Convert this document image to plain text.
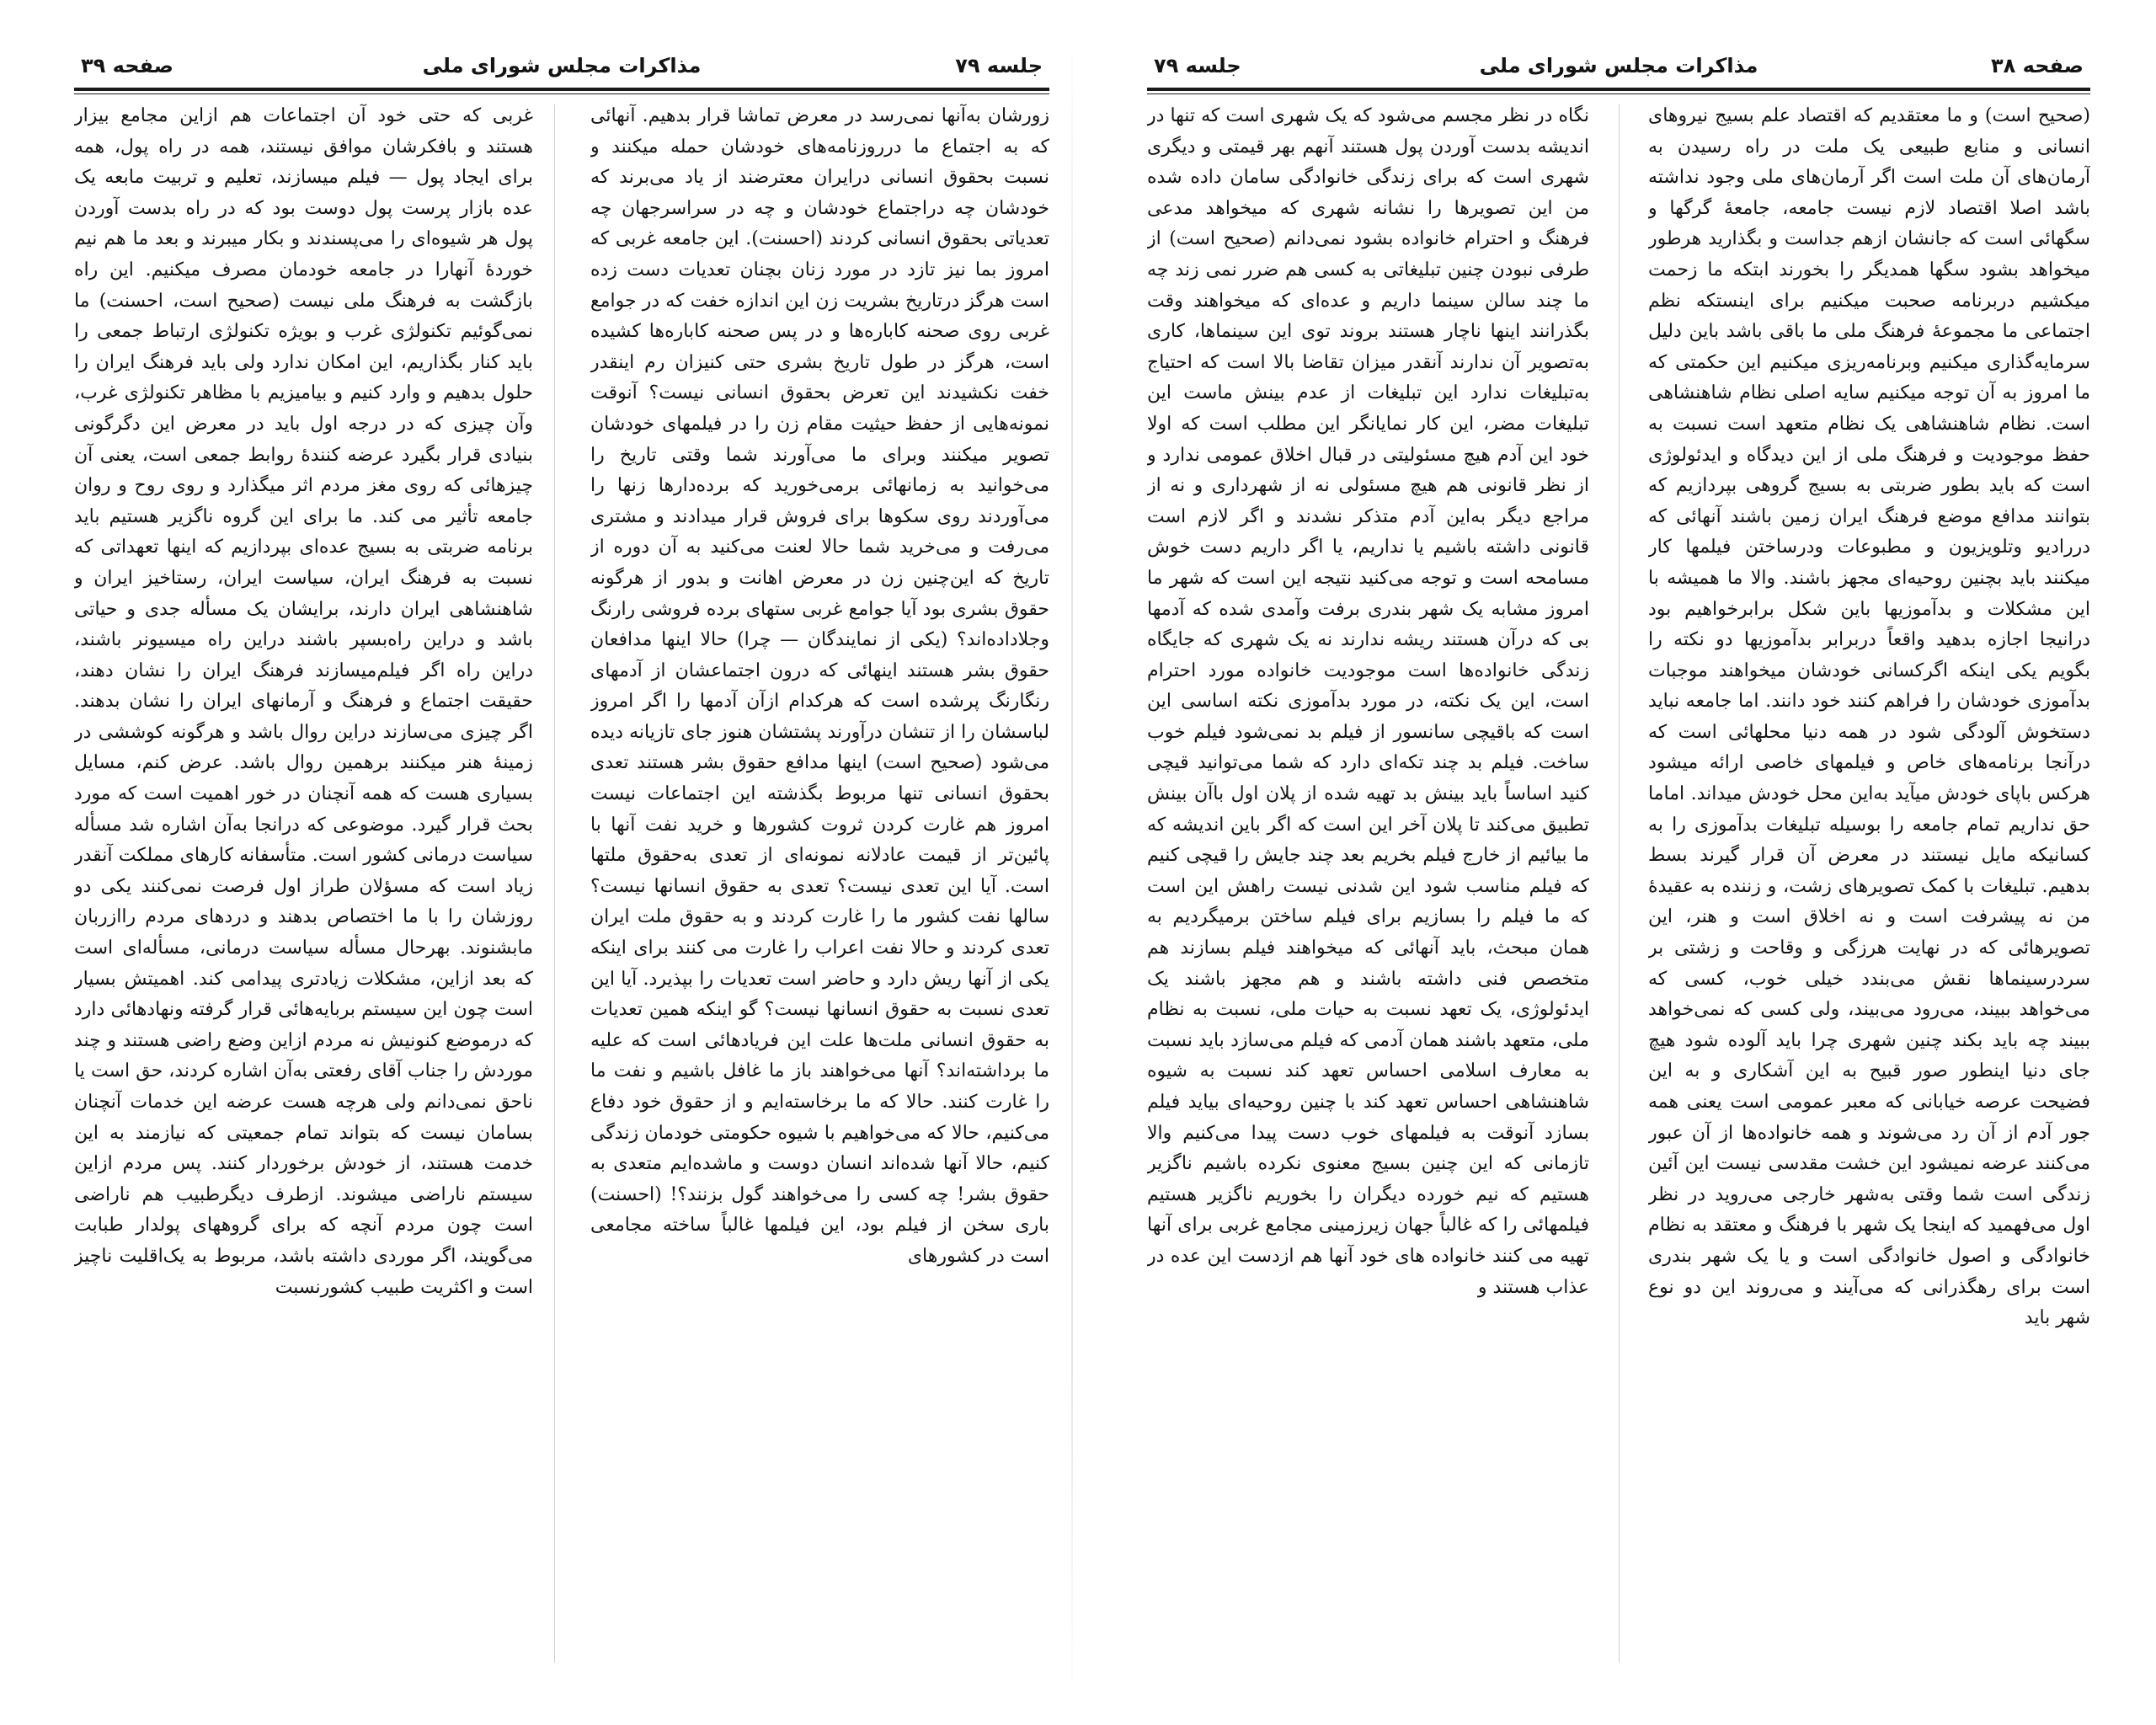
جلسه ۷۹
مذاکرات مجلس شورای ملی
صفحه ۳۹

زورشان به‌آنها نمی‌رسد در معرض تماشا قرار بدهیم. آنهائی که به اجتماع ما درروزنامه‌های خودشان حمله میکنند و نسبت بحقوق انسانی درایران معترضند از یاد می‌برند که خودشان چه دراجتماع خودشان و چه در سراسرجهان چه تعدیاتی بحقوق انسانی کردند (احسنت). این جامعه غربی که امروز بما نیز تازد در مورد زنان بچنان تعدیات دست زده است هرگز درتاریخ بشریت زن این اندازه خفت که در جوامع غربی روی صحنه کاباره‌ها و در پس صحنه کاباره‌ها کشیده است، هرگز در طول تاریخ بشری حتی کنیزان رم اینقدر خفت نکشیدند این تعرض بحقوق انسانی نیست؟ آنوقت نمونه‌هایی از حفظ حیثیت مقام زن را در فیلمهای خودشان تصویر میکنند وبرای ما می‌آورند شما وقتی تاریخ را می‌خوانید به زمانهائی برمی‌خورید که برده‌دارها زنها را می‌آوردند روی سکوها برای فروش قرار میدادند و مشتری می‌رفت و می‌خرید شما حالا لعنت می‌کنید به آن دوره از تاریخ که این‌چنین زن در معرض اهانت و بدور از هرگونه حقوق بشری بود آیا جوامع غربی ستهای برده فروشی رارنگ وجلاداده‌اند؟ (یکی از نمایندگان — چرا) حالا اینها مدافعان حقوق بشر هستند اینهائی که درون اجتماعشان از آدمهای رنگارنگ پرشده است که هرکدام ازآن آدمها را اگر امروز لباسشان را از تنشان درآورند پشتشان هنوز جای تازیانه دیده می‌شود (صحیح است) اینها مدافع حقوق بشر هستند تعدی بحقوق انسانی تنها مربوط بگذشته این اجتماعات نیست امروز هم غارت کردن ثروت کشورها و خرید نفت آنها با پائین‌تر از قیمت عادلانه نمونه‌ای از تعدی به‌حقوق ملتها است. آیا این تعدی نیست؟ تعدی به حقوق انسانها نیست؟ سالها نفت کشور ما را غارت کردند و به حقوق ملت ایران تعدی کردند و حالا نفت اعراب را غارت می کنند برای اینکه یکی از آنها ریش دارد و حاضر است تعدیات را بپذیرد. آیا این تعدی نسبت به حقوق انسانها نیست؟ گو اینکه همین تعدیات به حقوق انسانی ملت‌ها علت این فریادهائی است که علیه ما برداشته‌اند؟ آنها می‌خواهند باز ما غافل باشیم و نفت ما را غارت کنند. حالا که ما برخاسته‌ایم و از حقوق خود دفاع می‌کنیم، حالا که می‌خواهیم با شیوه حکومتی خودمان زندگی کنیم، حالا آنها شده‌اند انسان دوست و ماشده‌ایم متعدی به حقوق بشر! چه کسی را می‌خواهند گول بزنند؟! (احسنت) باری سخن از فیلم بود، این فیلمها غالباً ساخته مجامعی است در کشورهای

غربی که حتی خود آن اجتماعات هم ازاین مجامع بیزار هستند و بافکرشان موافق نیستند، همه در راه پول، همه برای ایجاد پول — فیلم میسازند، تعلیم و تربیت مابعه یک عده بازار پرست پول دوست بود که در راه بدست آوردن پول هر شیوه‌ای را می‌پسندند و بکار میبرند و بعد ما هم نیم خوردهٔ آنهارا در جامعه خودمان مصرف میکنیم. این راه بازگشت به فرهنگ ملی نیست (صحیح است، احسنت) ما نمی‌گوئیم تکنولژی غرب و بویژه تکنولژی ارتباط جمعی را باید کنار بگذاریم، این امکان ندارد ولی باید فرهنگ ایران را حلول بدهیم و وارد کنیم و بیامیزیم با مظاهر تکنولژی غرب، وآن چیزی که در درجه اول باید در معرض این دگرگونی بنیادی قرار بگیرد عرضه کنندهٔ روابط جمعی است، یعنی آن چیزهائی که روی مغز مردم اثر میگذارد و روی روح و روان جامعه تأثیر می کند. ما برای این گروه ناگزیر هستیم باید برنامه ضربتی به بسیج عده‌ای بپردازیم که اینها تعهداتی که نسبت به فرهنگ ایران، سیاست ایران، رستاخیز ایران و شاهنشاهی ایران دارند، برایشان یک مسأله جدی و حیاتی باشد و دراین راه‌بسپر باشند دراین راه میسیونر باشند، دراین راه اگر فیلم‌میسازند فرهنگ ایران را نشان دهند، حقیقت اجتماع و فرهنگ و آرمانهای ایران را نشان بدهند. اگر چیزی می‌سازند دراین روال باشد و هرگونه کوششی در زمینهٔ هنر میکنند برهمین روال باشد. عرض کنم، مسایل بسیاری هست که همه آنچنان در خور اهمیت است که مورد بحث قرار گیرد. موضوعی که درانجا به‌آن اشاره شد مسأله سیاست درمانی کشور است. متأسفانه کارهای مملکت آنقدر زیاد است که مسؤلان طراز اول فرصت نمی‌کنند یکی دو روزشان را با ما اختصاص بدهند و دردهای مردم راازربان مابشنوند. بهرحال مسأله سیاست درمانی، مسأله‌ای است که بعد ازاین، مشکلات زیادتری پیدامی کند. اهمیتش بسیار است چون این سیستم بربایه‌هائی قرار گرفته ونهادهائی دارد که درموضع کنونیش نه مردم ازاین وضع راضی هستند و چند موردش را جناب آقای رفعتی به‌آن اشاره کردند، حق است یا ناحق نمی‌دانم ولی هرچه هست عرضه این خدمات آنچنان بسامان نیست که بتواند تمام جمعیتی که نیازمند به این خدمت هستند، از خودش برخوردار کنند. پس مردم ازاین سیستم ناراضی میشوند. ازطرف دیگرطبیب هم ناراضی است چون مردم آنچه که برای گروههای پولدار طبابت می‌گویند، اگر موردی داشته باشد، مربوط به یک‌اقلیت ناچیز است و اکثریت طبیب کشورنسبت

صفحه ۳۸
مذاکرات مجلس شورای ملی
جلسه ۷۹

(صحیح است) و ما معتقدیم که اقتصاد علم بسیج نیروهای انسانی و منابع طبیعی یک ملت در راه رسیدن به آرمان‌های آن ملت است اگر آرمان‌های ملی وجود نداشته باشد اصلا اقتصاد لازم نیست جامعه، جامعهٔ گرگها و سگهائی است که جانشان ازهم جداست و بگذارید هرطور میخواهد بشود سگها همدیگر را بخورند ابتکه ما زحمت میکشیم دربرنامه صحبت میکنیم برای اینستکه نظم اجتماعی ما مجموعهٔ فرهنگ ملی ما باقی باشد باین دلیل سرمایه‌گذاری میکنیم وبرنامه‌ریزی میکنیم این حکمتی که ما امروز به آن توجه میکنیم سایه اصلی نظام شاهنشاهی است. نظام شاهنشاهی یک نظام متعهد است نسبت به حفظ موجودیت و فرهنگ ملی از این دیدگاه و ایدئولوژی است که باید بطور ضربتی به بسیج گروهی بپردازیم که بتوانند مدافع موضع فرهنگ ایران زمین باشند آنهائی که دررادیو وتلویزیون و مطبوعات ودرساختن فیلمها کار میکنند باید بچنین روحیه‌ای مجهز باشند. والا ما همیشه با این مشکلات و بدآموزیها باین شکل برابرخواهیم بود درانیجا اجازه بدهید واقعاً دربرابر بدآموزیها دو نکته را بگویم یکی اینکه اگرکسانی خودشان میخواهند موجبات بدآموزی خودشان را فراهم کنند خود دانند. اما جامعه نباید دستخوش آلودگی شود در همه دنیا محلهائی است که درآنجا برنامه‌های خاص و فیلمهای خاصی ارائه میشود هرکس باپای خودش میآید به‌این محل خودش میداند. اماما حق نداریم تمام جامعه را بوسیله تبلیغات بدآموزی را به کسانیکه مایل نیستند در معرض آن قرار گیرند بسط بدهیم. تبلیغات با کمک تصویرهای زشت، و زننده به عقیدهٔ من نه پیشرفت است و نه اخلاق است و هنر، این تصویرهائی که در نهایت هرزگی و وقاحت و زشتی بر سردرسینماها نقش می‌بندد خیلی خوب، کسی که می‌خواهد ببیند، می‌رود می‌بیند، ولی کسی که نمی‌خواهد ببیند چه باید بکند چنین شهری چرا باید آلوده شود هیچ جای دنیا اینطور صور قبیح به این آشکاری و به این فضیحت عرصه خیابانی که معبر عمومی است یعنی همه جور آدم از آن رد می‌شوند و همه خانواده‌ها از آن عبور می‌کنند عرضه نمیشود این خشت مقدسی نیست این آئین زندگی است شما وقتی به‌شهر خارجی می‌روید در نظر اول می‌فهمید که اینجا یک شهر با فرهنگ و معتقد به نظام خانوادگی و اصول خانوادگی است و یا یک شهر بندری است برای رهگذرانی که می‌آیند و می‌روند این دو نوع شهر باید

نگاه در نظر مجسم می‌شود که یک شهری است که تنها در اندیشه بدست آوردن پول هستند آنهم بهر قیمتی و دیگری شهری است که برای زندگی خانوادگی سامان داده شده من این تصویرها را نشانه شهری که میخواهد مدعی فرهنگ و احترام خانواده بشود نمی‌دانم (صحیح است) از طرفی نبودن چنین تبلیغاتی به کسی هم ضرر نمی زند چه ما چند سالن سینما داریم و عده‌ای که میخواهند وقت بگذرانند اینها ناچار هستند بروند توی این سینماها، کاری به‌تصویر آن ندارند آنقدر میزان تقاضا بالا است که احتیاج به‌تبلیغات ندارد این تبلیغات از عدم بینش ماست این تبلیغات مضر، این کار نمایانگر این مطلب است که اولا خود این آدم هیچ مسئولیتی در قبال اخلاق عمومی ندارد و از نظر قانونی هم هیچ مسئولی نه از شهرداری و نه از مراجع دیگر به‌این آدم متذکر نشدند و اگر لازم است قانونی داشته باشیم یا نداریم، یا اگر داریم دست خوش مسامحه است و توجه می‌کنید نتیجه این است که شهر ما امروز مشابه یک شهر بندری برفت وآمدی شده که آدمها بی که درآن هستند ریشه ندارند نه یک شهری که جایگاه زندگی خانواده‌ها است موجودیت خانواده مورد احترام است، این یک نکته، در مورد بدآموزی نکته اساسی این است که باقیچی سانسور از فیلم بد نمی‌شود فیلم خوب ساخت. فیلم بد چند تکه‌ای دارد که شما می‌توانید قیچی کنید اساساً باید بینش بد تهیه شده از پلان اول باآن بینش تطبیق می‌کند تا پلان آخر این است که اگر باین اندیشه که ما بیائیم از خارج فیلم بخریم بعد چند جایش را قیچی کنیم که فیلم مناسب شود این شدنی نیست راهش این است که ما فیلم را بسازیم برای فیلم ساختن برمیگردیم به همان مبحث، باید آنهائی که میخواهند فیلم بسازند هم متخصص فنی داشته باشند و هم مجهز باشند یک ایدئولوژی، یک تعهد نسبت به حیات ملی، نسبت به نظام ملی، متعهد باشند همان آدمی که فیلم می‌سازد باید نسبت به معارف اسلامی احساس تعهد کند نسبت به شیوه شاهنشاهی احساس تعهد کند با چنین روحیه‌ای بیاید فیلم بسازد آنوقت به فیلمهای خوب دست پیدا می‌کنیم والا تازمانی که این چنین بسیج معنوی نکرده باشیم ناگزیر هستیم که نیم خورده دیگران را بخوریم ناگزیر هستیم فیلمهائی را که غالباً جهان زیرزمینی مجامع غربی برای آنها تهیه می کنند خانواده های خود آنها هم ازدست این عده در عذاب هستند و
